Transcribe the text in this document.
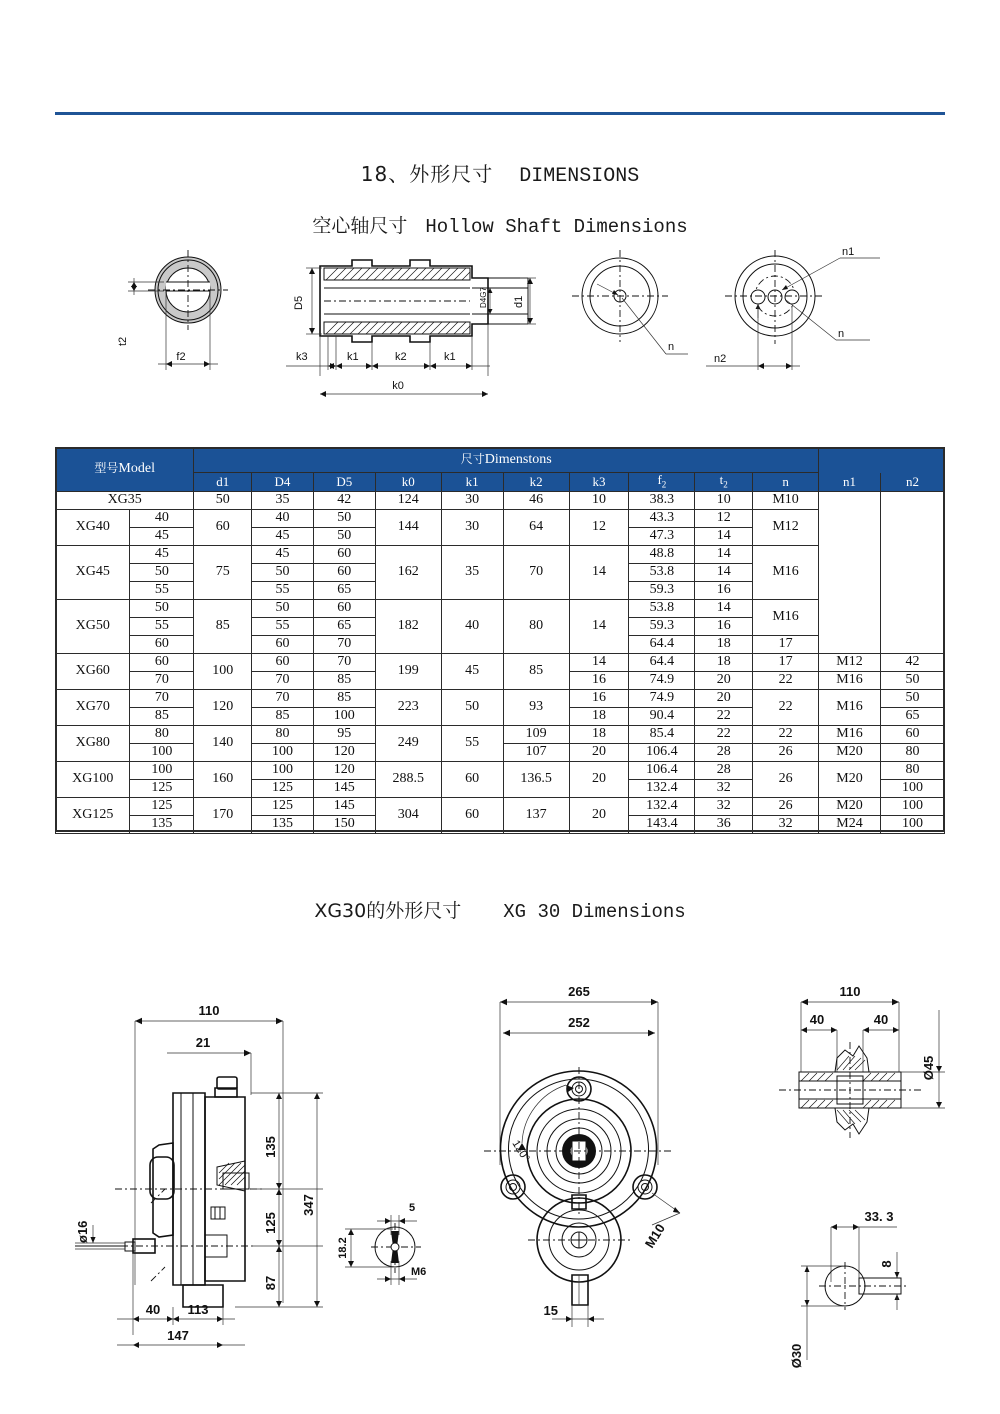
18、外形尺寸 DIMENSIONS
空心轴尺寸 Hollow Shaft Dimensions
t2
f2
D5	D4G7 d1
k3	k1	k2	k1
k0
n
n1
n
n2
型号Model		尺寸Dimenstons											
		d1	D4	D5	k0	k1	k2	k3	$f_2$	$t_2$	n	n1	n2
XG35		50	35	42	124	30	46	10	38.3	10	M10		
XG40	40	60	40	50	144	30	64	12	43.3	12	M12		
	45		45	50					47.3	14			
XG45	45	75	45	60	162	35	70	14	48.8	14	M16		
	50		50	60					53.8	14			
	55		55	65					59.3	16			
XG50	50	85	50	60	182	40	80	14	53.8	14	M16		
	55		55	65					59.3	16			
	60		60	70					64.4	18	17		
XG60	60	100	60	70	199	45	85	14	64.4	18	17	M12	42
	70		70	85				16	74.9	20	22	M16	50
XG70	70	120	70	85	223	50	93	16	74.9	20	22	M16	50
	85		85	100				18	90.4	22			65
XG80	80	140	80	95	249	55	109	18	85.4	22	22	M16	60
	100		100	120			107	20	106.4	28	26	M20	80
XG100	100	160	100	120	288.5	60	136.5	20	106.4	28	26	M20	80
	125		125	145					132.4	32			100
XG125	125	170	125	145	304	60	137	20	132.4	32	26	M20	100
	135		135	150					143.4	36	32	M24	100
XG30的外形尺寸 XG 30 Dimensions
110
21
ø16
135
125
87
347
40 113
147
5
18.2
M6
265
252
120°
M10
15
110
40	40
Ø45
33. 3
8
Ø30
